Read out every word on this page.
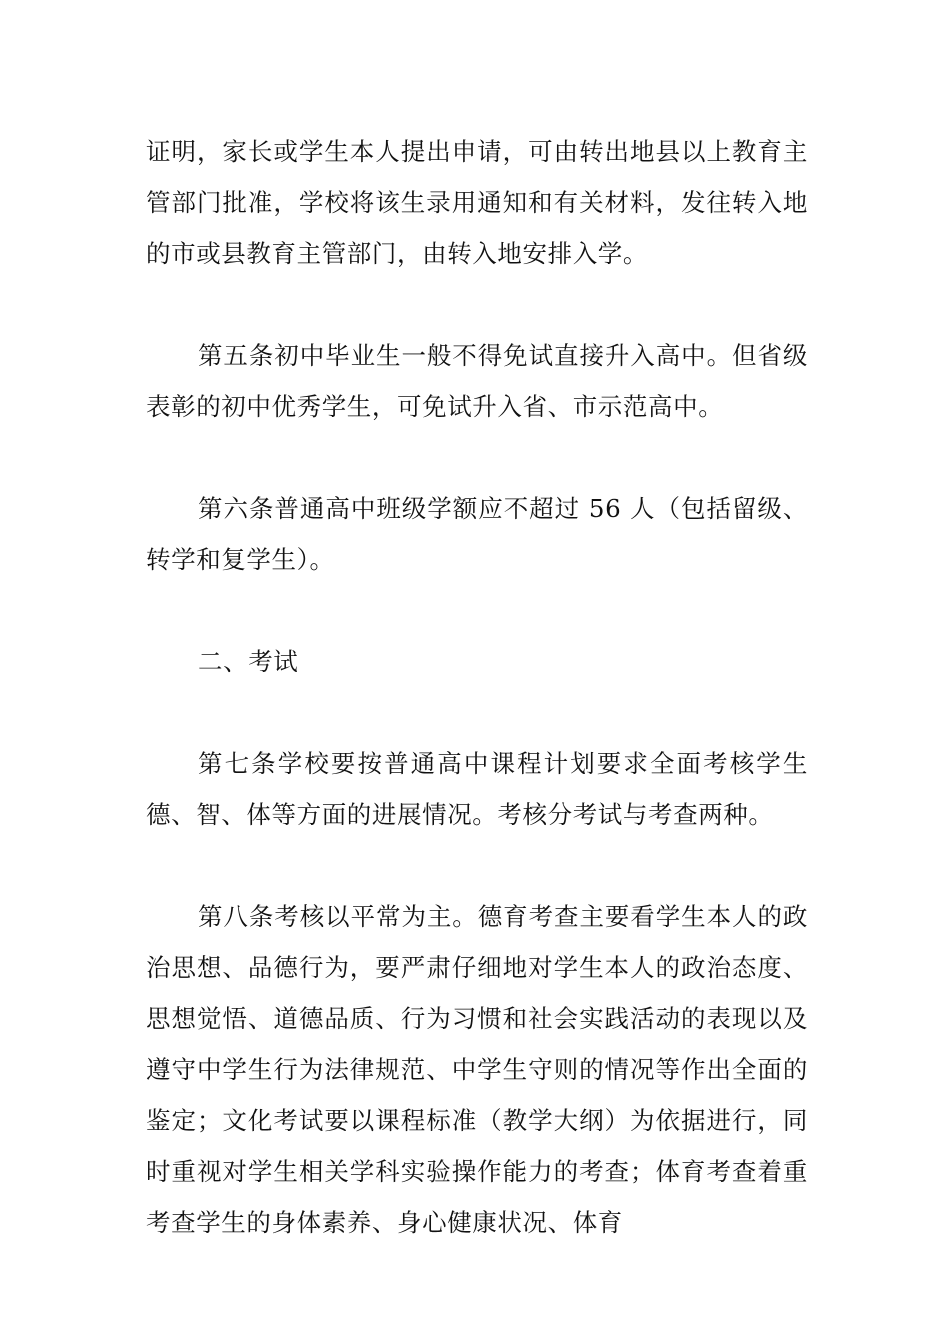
证明，家长或学生本人提出申请，可由转出地县以上教育主管部门批准，学校将该生录用通知和有关材料，发往转入地的市或县教育主管部门，由转入地安排入学。

第五条初中毕业生一般不得免试直接升入高中。但省级表彰的初中优秀学生，可免试升入省、市示范高中。

第六条普通高中班级学额应不超过 56 人（包括留级、转学和复学生）。

二、考试

第七条学校要按普通高中课程计划要求全面考核学生德、智、体等方面的进展情况。考核分考试与考查两种。

第八条考核以平常为主。德育考查主要看学生本人的政治思想、品德行为，要严肃仔细地对学生本人的政治态度、思想觉悟、道德品质、行为习惯和社会实践活动的表现以及遵守中学生行为法律规范、中学生守则的情况等作出全面的鉴定；文化考试要以课程标准（教学大纲）为依据进行，同时重视对学生相关学科实验操作能力的考查；体育考查着重考查学生的身体素养、身心健康状况、体育
